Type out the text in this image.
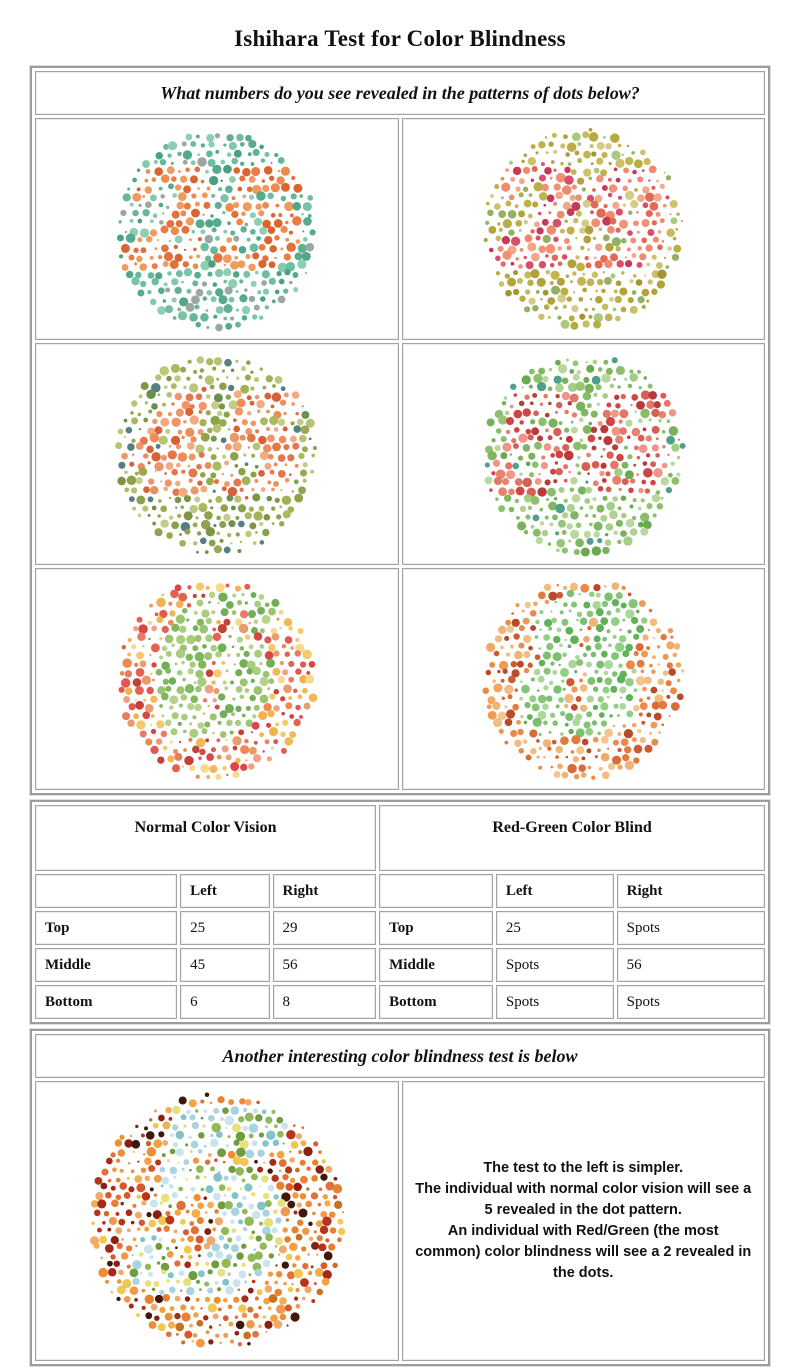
Ishihara Test for Color Blindness
What numbers do you see revealed in the patterns of dots below?	

Normal Color Vision			Red-Green Color Blind		
	Left	Right		Left	Right
Top	25	29	Top	25	Spots
Middle	45	56	Middle	Spots	56
Bottom	6	8	Bottom	Spots	Spots
Another interesting color blindness test is below

The test to the left is simpler.
The individual with normal color vision will see a 5 revealed in the dot pattern.
An individual with Red/Green (the most common) color blindness will see a 2 revealed in the dots.
